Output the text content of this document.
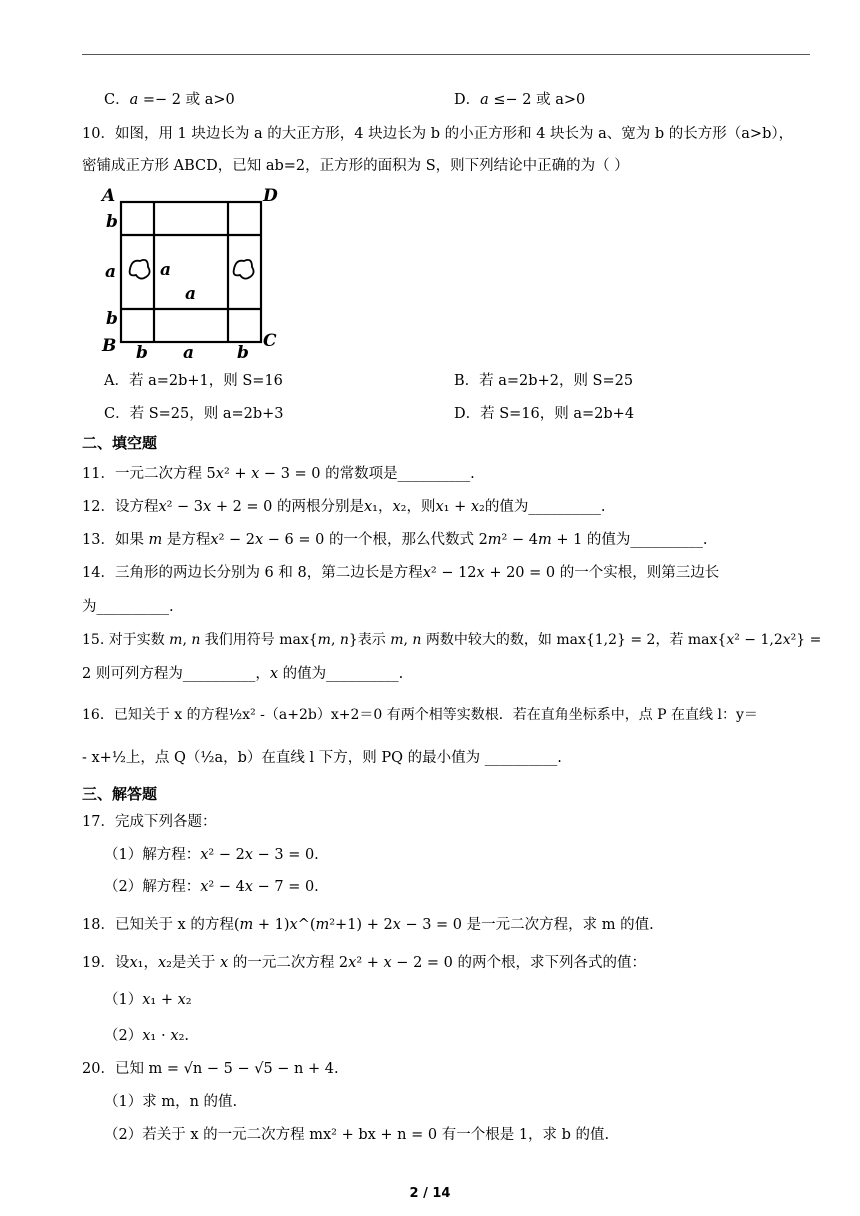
C．𝑎 =− 2 或 a>0	D．𝑎 ≤− 2 或 a>0
10．如图，用 1 块边长为 a 的大正方形，4 块边长为 b 的小正方形和 4 块长为 a、宽为 b 的长方形（a>b），
密铺成正方形 ABCD，已知 ab=2，正方形的面积为 S，则下列结论中正确的为（ ）
A	D
B	C
b
a
b
b a	b
a
a
A．若 a=2b+1，则 S=16	B．若 a=2b+2，则 S=25
C．若 S=25，则 a=2b+3	D．若 S=16，则 a=2b+4
二、填空题
11．一元二次方程 5𝑥² + 𝑥 − 3 = 0 的常数项是__________.
12．设方程𝑥² − 3𝑥 + 2 = 0 的两根分别是𝑥₁，𝑥₂，则𝑥₁ + 𝑥₂的值为__________.
13．如果 𝑚 是方程𝑥² − 2𝑥 − 6 = 0 的一个根，那么代数式 2𝑚² − 4𝑚 + 1 的值为__________.
14．三角形的两边长分别为 6 和 8，第二边长是方程𝑥² − 12𝑥 + 20 = 0 的一个实根，则第三边长
为__________.
15. 对于实数 𝑚, 𝑛 我们用符号 max{𝑚, 𝑛}表示 𝑚, 𝑛 两数中较大的数，如 max{1,2} = 2，若 max{𝑥² − 1,2𝑥²} =
2 则可列方程为__________，𝑥 的值为__________.
16．已知关于 x 的方程½x² -（a+2b）x+2＝0 有两个相等实数根．若在直角坐标系中，点 P 在直线 l：y＝
- x+½上，点 Q（½a，b）在直线 l 下方，则 PQ 的最小值为 __________.
三、解答题
17．完成下列各题：
（1）解方程：𝑥² − 2𝑥 − 3 = 0.
（2）解方程：𝑥² − 4𝑥 − 7 = 0.
18．已知关于 x 的方程(𝑚 + 1)𝑥^(𝑚²+1) + 2𝑥 − 3 = 0 是一元二次方程，求 m 的值.
19．设𝑥₁，𝑥₂是关于 𝑥 的一元二次方程 2𝑥² + 𝑥 − 2 = 0 的两个根，求下列各式的值：
（1）𝑥₁ + 𝑥₂
（2）𝑥₁ ⋅ 𝑥₂.
20．已知 m = √n − 5 − √5 − n + 4.
（1）求 m，n 的值.
（2）若关于 x 的一元二次方程 mx² + bx + n = 0 有一个根是 1，求 b 的值.
2 / 14
